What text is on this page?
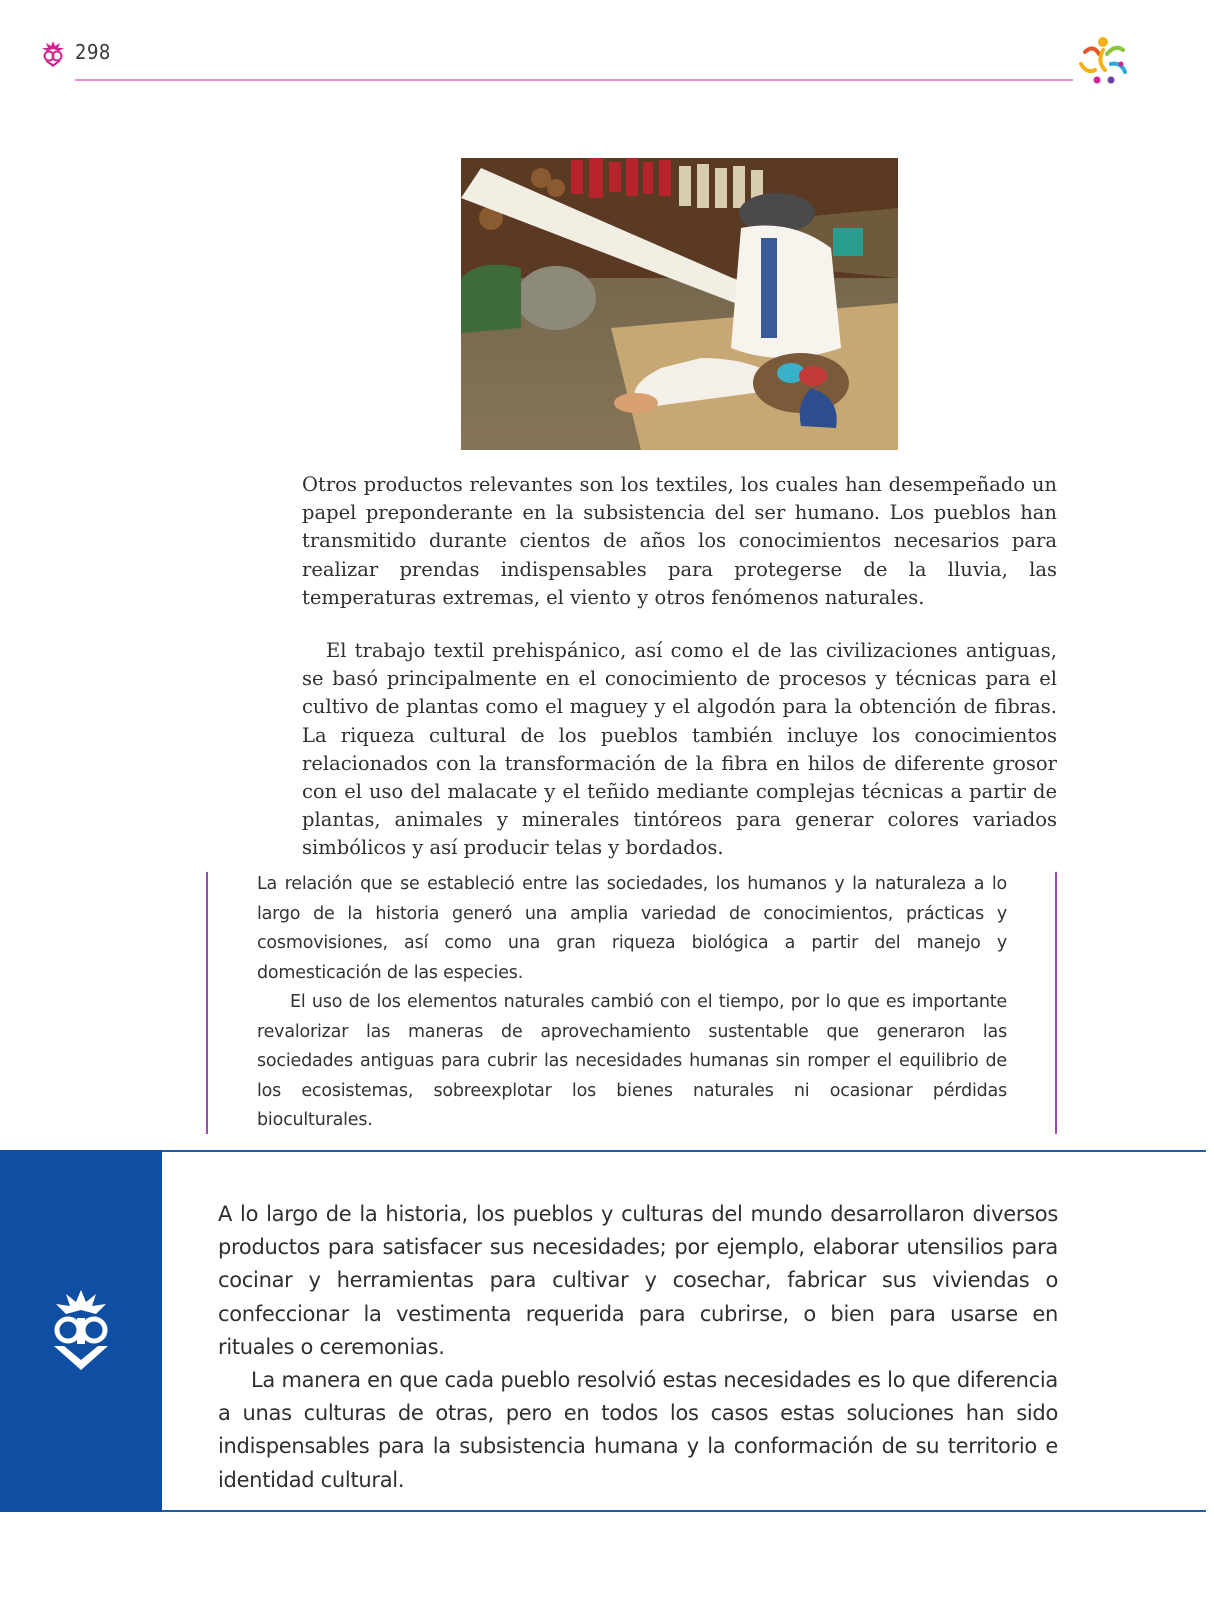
298

Otros productos relevantes son los textiles, los cuales han desempeñado un papel preponderante en la subsistencia del ser humano. Los pueblos han transmitido durante cientos de años los conocimientos necesarios para realizar prendas indispensables para protegerse de la lluvia, las temperaturas extremas, el viento y otros fenómenos naturales.

El trabajo textil prehispánico, así como el de las civilizaciones antiguas, se basó principalmente en el conocimiento de procesos y técnicas para el cultivo de plantas como el maguey y el algodón para la obtención de fibras. La riqueza cultural de los pueblos también incluye los conocimientos relacionados con la transformación de la fibra en hilos de diferente grosor con el uso del malacate y el teñido mediante complejas técnicas a partir de plantas, animales y minerales tintóreos para generar colores variados simbólicos y así producir telas y bordados.

La relación que se estableció entre las sociedades, los humanos y la naturaleza a lo largo de la historia generó una amplia variedad de conocimientos, prácticas y cosmovisiones, así como una gran riqueza biológica a partir del manejo y domesticación de las especies.

El uso de los elementos naturales cambió con el tiempo, por lo que es importante revalorizar las maneras de aprovechamiento sustentable que generaron las sociedades antiguas para cubrir las necesidades humanas sin romper el equilibrio de los ecosistemas, sobreexplotar los bienes naturales ni ocasionar pérdidas bioculturales.

A lo largo de la historia, los pueblos y culturas del mundo desarrollaron diversos productos para satisfacer sus necesidades; por ejemplo, elaborar utensilios para cocinar y herramientas para cultivar y cosechar, fabricar sus viviendas o confeccionar la vestimenta requerida para cubrirse, o bien para usarse en rituales o ceremonias.

La manera en que cada pueblo resolvió estas necesidades es lo que diferencia a unas culturas de otras, pero en todos los casos estas soluciones han sido indispensables para la subsistencia humana y la conformación de su territorio e identidad cultural.
